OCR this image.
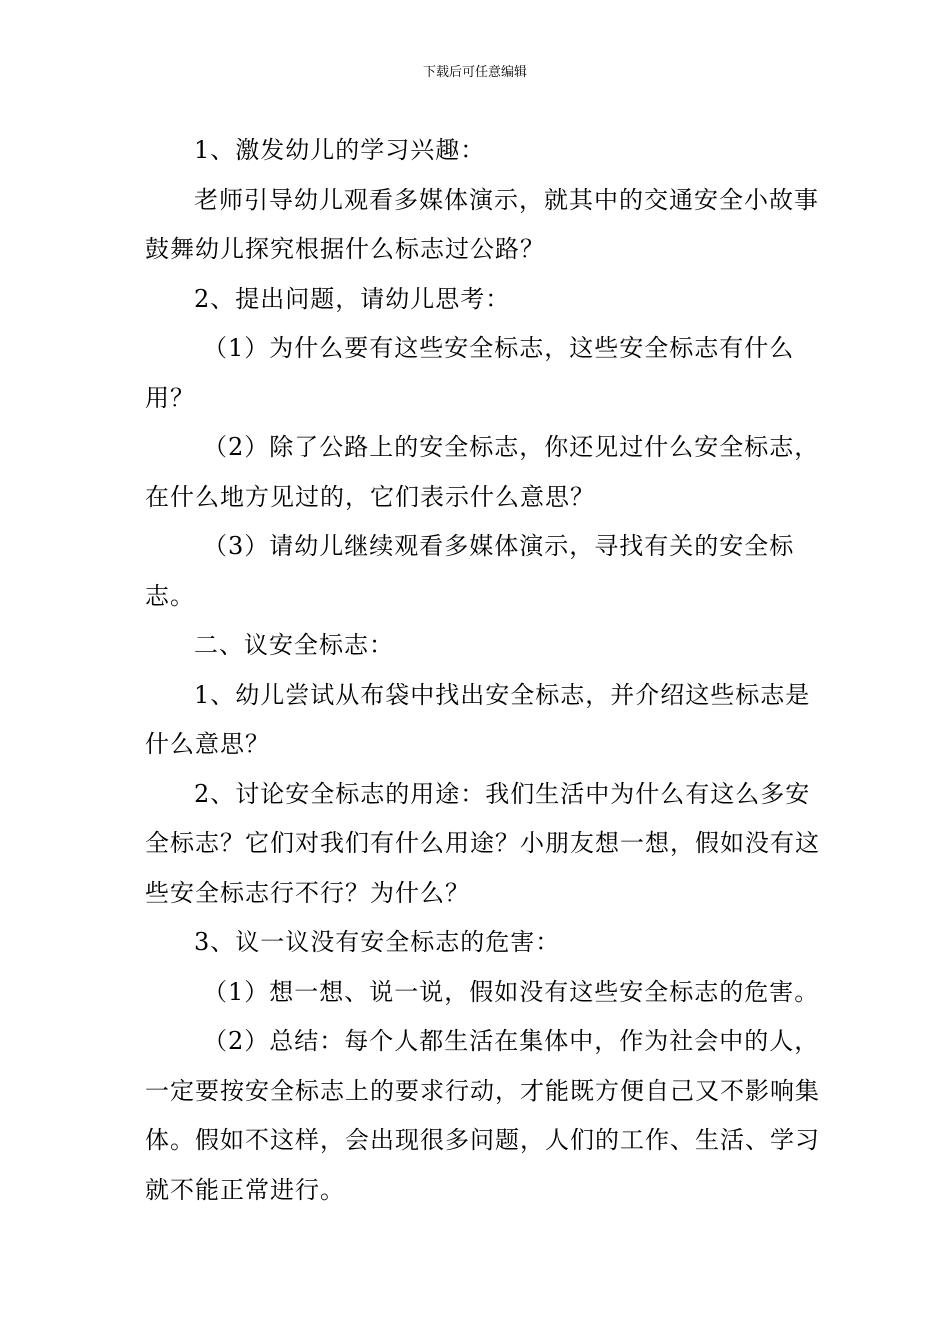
下载后可任意编辑

1、激发幼儿的学习兴趣：

老师引导幼儿观看多媒体演示，就其中的交通安全小故事鼓舞幼儿探究根据什么标志过公路？

2、提出问题，请幼儿思考：

（1）为什么要有这些安全标志，这些安全标志有什么用？

（2）除了公路上的安全标志，你还见过什么安全标志，在什么地方见过的，它们表示什么意思？

（3）请幼儿继续观看多媒体演示，寻找有关的安全标志。

二、议安全标志：

1、幼儿尝试从布袋中找出安全标志，并介绍这些标志是什么意思？

2、讨论安全标志的用途：我们生活中为什么有这么多安全标志？它们对我们有什么用途？小朋友想一想，假如没有这些安全标志行不行？为什么？

3、议一议没有安全标志的危害：

（1）想一想、说一说，假如没有这些安全标志的危害。

（2）总结：每个人都生活在集体中，作为社会中的人，一定要按安全标志上的要求行动，才能既方便自己又不影响集体。假如不这样，会出现很多问题，人们的工作、生活、学习就不能正常进行。
